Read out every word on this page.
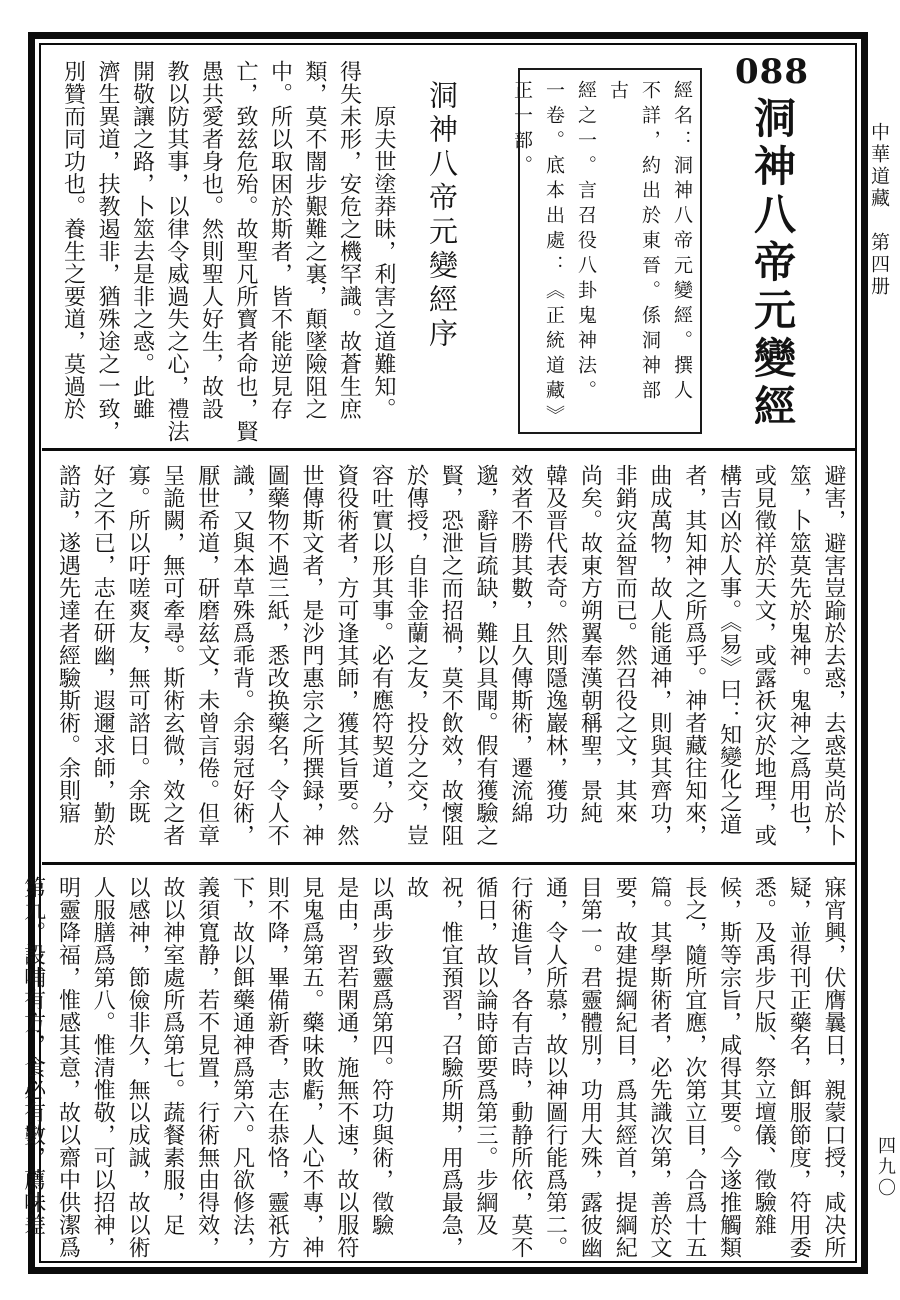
088
洞神八帝元變經
經名：洞神八帝元變經。撰人
不詳，約出於東晉。係洞神部古
經之一。言召役八卦鬼神法。
一卷。底本出處：《正統道藏》
正一部。
洞神八帝元變經序
　　原夫世塗莽昧，利害之道難知。
得失未形，安危之機罕識。故蒼生庶
類，莫不闇步艱難之裏，顛墜險阻之
中。所以取困於斯者，皆不能逆見存
亡，致兹危殆。故聖凡所寳者命也，賢
愚共愛者身也。然則聖人好生，故設
教以防其事，以律令威過失之心，禮法
開敬讓之路，卜筮去是非之惑。此雖
濟生異道，扶教遏非，猶殊途之一致，
別贊而同功也。養生之要道，莫過於
避害，避害豈踰於去惑，去惑莫尚於卜
筮，卜筮莫先於鬼神。鬼神之爲用也，
或見徵祥於天文，或露祅灾於地理，或
構吉凶於人事。《易》曰：知變化之道
者，其知神之所爲乎。神者藏往知來，
曲成萬物，故人能通神，則與其齊功，
非銷灾益智而已。然召役之文，其來
尚矣。故東方朔翼奉漢朝稱聖，景純
韓及晋代表奇。然則隱逸巖林，獲功
效者不勝其數，且久傳斯術，遷流綿
邈，辭旨疏缺，難以具聞。假有獲驗之
賢，恐泄之而招禍，莫不飲效，故懷阻
於傳授，自非金蘭之友，投分之交，豈
容吐實以形其事。必有應符契道，分
資役術者，方可逢其師，獲其旨要。然
世傳斯文者，是沙門惠宗之所撰録，神
圖藥物不過三紙，悉改换藥名，令人不
識，又與本草殊爲乖背。余弱冠好術，
厭世希道，研磨兹文，未曾言倦。但章
呈詭闕，無可牽尋。斯術玄微，效之者
寡。所以吁嗟爽友，無可諮日。余既
好之不已，志在研幽，遐邇求師，勤於
諮訪，遂遇先達者經驗斯術。余則寤
寐宵興，伏膺曩日，親蒙口授，咸决所
疑，並得刊正藥名，餌服節度，符用委
悉。及禹步尺版、祭立壇儀、徵驗雜
候，斯等宗旨，咸得其要。今遂推觸類
長之，隨所宜應，次第立目，合爲十五
篇。其學斯術者，必先識次第，善於文
要，故建提綱紀目，爲其經首，提綱紀
目第一。君靈體別，功用大殊，露彼幽
通，令人所慕，故以神圖行能爲第二。
行術進旨，各有吉時，動静所依，莫不
循日，故以論時節要爲第三。步綱及
祝，惟宜預習，召驗所期，用爲最急，故
以禹步致靈爲第四。符功與術，徵驗
是由，習若閑通，施無不速，故以服符
見鬼爲第五。藥味敗虧，人心不專，神
則不降，畢備新香，志在恭恪，靈祇方
下，故以餌藥通神爲第六。凡欲修法，
義須寬静，若不見置，行術無由得效，
故以神室處所爲第七。蔬餐素服，足
以感神，節儉非久，無以成誠，故以術
人服膳爲第八。惟清惟敬，可以招神，
明靈降福，惟感其意，故以齋中供潔爲
第九。設哺有方，食必有數，薦味差
中華道藏　第四册
四九〇
